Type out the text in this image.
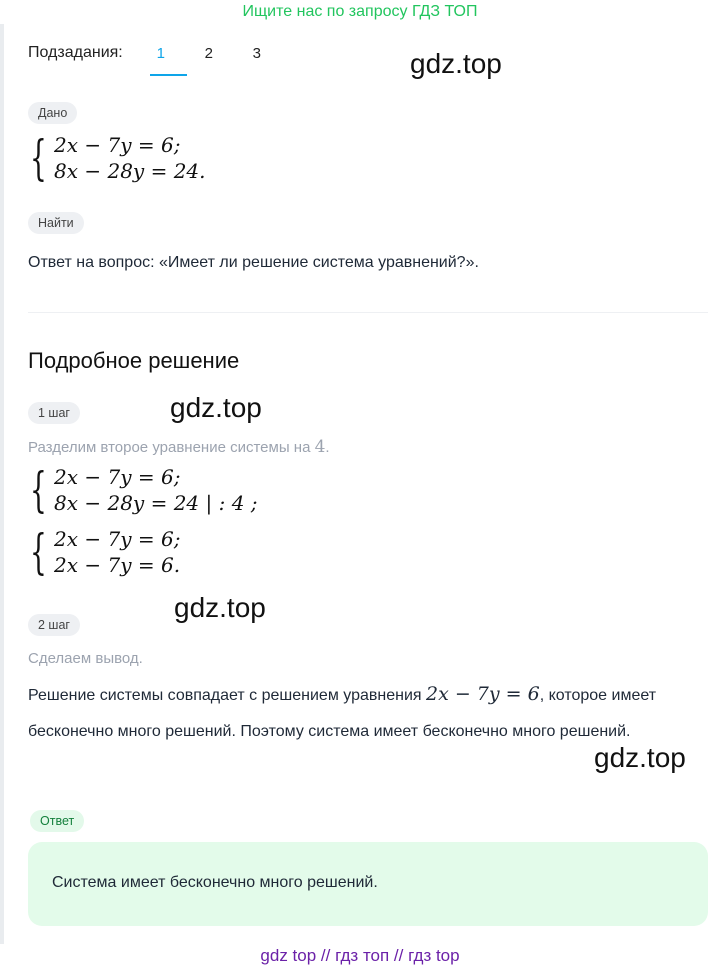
Ищите нас по запросу ГДЗ ТОП
Подзадания:	1	2	3	gdz.top
Дано
{ 2x − 7y = 6;
8x − 28y = 24.
Найти
Ответ на вопрос: «Имеет ли решение система уравнений?».
Подробное решение
1 шаг	gdz.top
Разделим второе уравнение системы на 4.
{ 2x − 7y = 6;
8x − 28y = 24 | : 4 ;
{ 2x − 7y = 6;
2x − 7y = 6.
gdz.top
2 шаг
Сделаем вывод.
Решение системы совпадает с решением уравнения 2x − 7y = 6, которое имеет бесконечно много решений. Поэтому система имеет бесконечно много решений.
gdz.top
Ответ
Система имеет бесконечно много решений.
gdz top // гдз топ // гдз top
